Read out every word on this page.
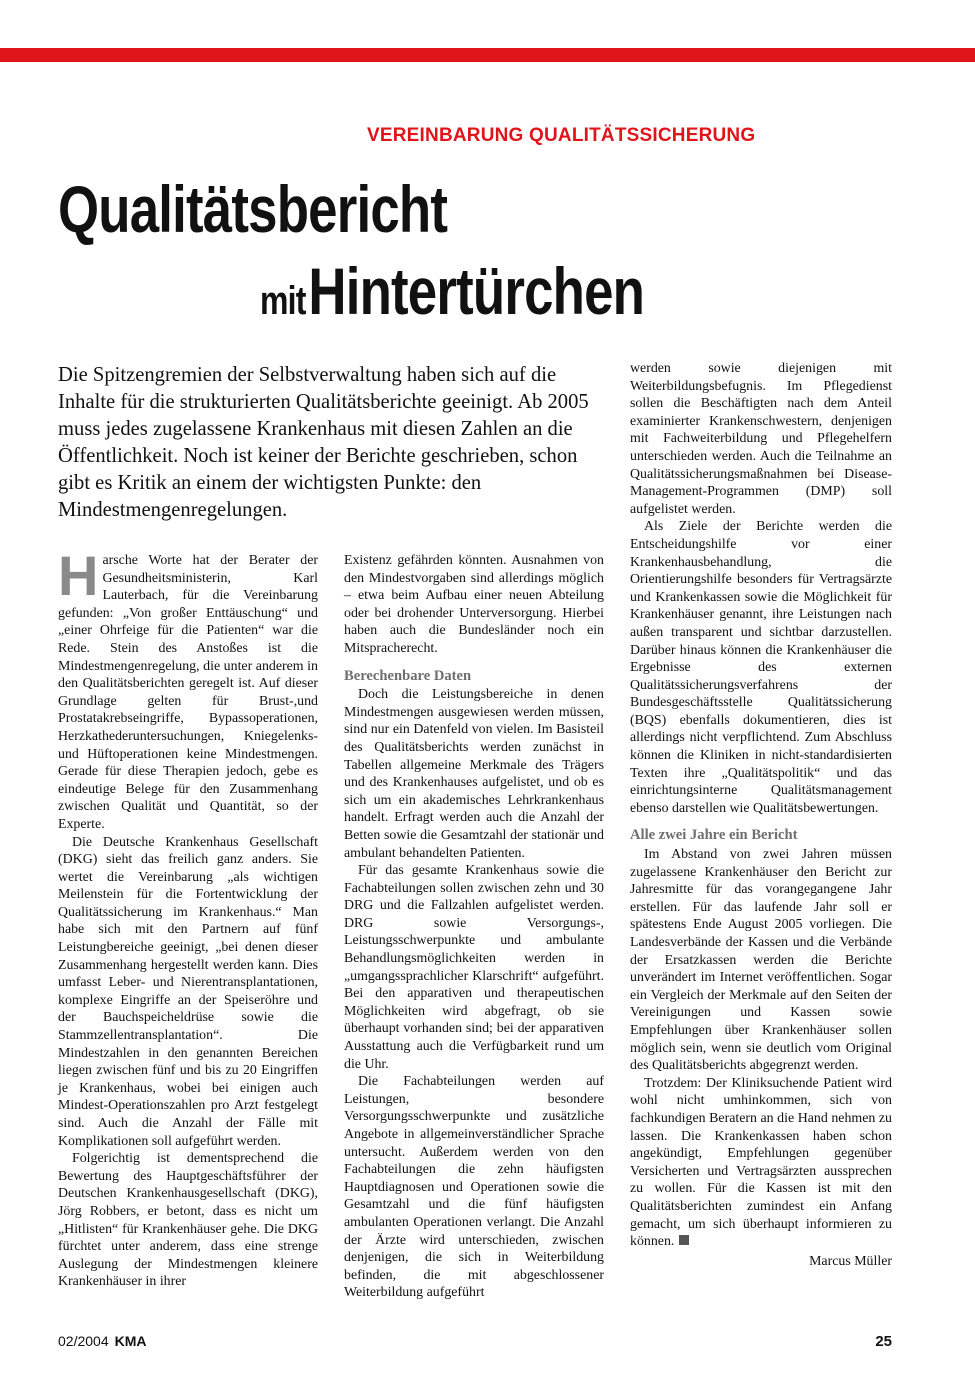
VEREINBARUNG QUALITÄTSSICHERUNG
Qualitätsbericht
mit Hintertürchen
Die Spitzengremien der Selbstverwaltung haben sich auf die Inhalte für die strukturierten Qualitätsberichte geeinigt. Ab 2005 muss jedes zugelassene Krankenhaus mit diesen Zahlen an die Öffentlichkeit. Noch ist keiner der Berichte geschrieben, schon gibt es Kritik an einem der wichtigsten Punkte: den Mindestmengenregelungen.

Harsche Worte hat der Berater der Gesundheitsministerin, Karl Lauterbach, für die Vereinbarung gefunden: „Von großer Enttäuschung“ und „einer Ohrfeige für die Patienten“ war die Rede. Stein des Anstoßes ist die Mindestmengenregelung, die unter anderem in den Qualitätsberichten geregelt ist. Auf dieser Grundlage gelten für Brust-,und Prostatakrebseingriffe, Bypassoperationen, Herzkathederuntersuchungen, Kniegelenks- und Hüftoperationen keine Mindestmengen. Gerade für diese Therapien jedoch, gebe es eindeutige Belege für den Zusammenhang zwischen Qualität und Quantität, so der Experte.

Die Deutsche Krankenhaus Gesellschaft (DKG) sieht das freilich ganz anders. Sie wertet die Vereinbarung „als wichtigen Meilenstein für die Fortentwicklung der Qualitätssicherung im Krankenhaus.“ Man habe sich mit den Partnern auf fünf Leistungbereiche geeinigt, „bei denen dieser Zusammenhang hergestellt werden kann. Dies umfasst Leber- und Nierentransplantationen, komplexe Eingriffe an der Speiseröhre und der Bauchspeicheldrüse sowie die Stammzellentransplantation“. Die Mindestzahlen in den genannten Bereichen liegen zwischen fünf und bis zu 20 Eingriffen je Krankenhaus, wobei bei einigen auch Mindest-Operationszahlen pro Arzt festgelegt sind. Auch die Anzahl der Fälle mit Komplikationen soll aufgeführt werden.

Folgerichtig ist dementsprechend die Bewertung des Hauptgeschäftsführer der Deutschen Krankenhausgesellschaft (DKG), Jörg Robbers, er betont, dass es nicht um „Hitlisten“ für Krankenhäuser gehe. Die DKG fürchtet unter anderem, dass eine strenge Auslegung der Mindestmengen kleinere Krankenhäuser in ihrer

Existenz gefährden könnten. Ausnahmen von den Mindestvorgaben sind allerdings möglich – etwa beim Aufbau einer neuen Abteilung oder bei drohender Unterversorgung. Hierbei haben auch die Bundesländer noch ein Mitspracherecht.

Berechenbare Daten

Doch die Leistungsbereiche in denen Mindestmengen ausgewiesen werden müssen, sind nur ein Datenfeld von vielen. Im Basisteil des Qualitätsberichts werden zunächst in Tabellen allgemeine Merkmale des Trägers und des Krankenhauses aufgelistet, und ob es sich um ein akademisches Lehrkrankenhaus handelt. Erfragt werden auch die Anzahl der Betten sowie die Gesamtzahl der stationär und ambulant behandelten Patienten.

Für das gesamte Krankenhaus sowie die Fachabteilungen sollen zwischen zehn und 30 DRG und die Fallzahlen aufgelistet werden. DRG sowie Versorgungs-, Leistungsschwerpunkte und ambulante Behandlungsmöglichkeiten werden in „umgangssprachlicher Klarschrift“ aufgeführt. Bei den apparativen und therapeutischen Möglichkeiten wird abgefragt, ob sie überhaupt vorhanden sind; bei der apparativen Ausstattung auch die Verfügbarkeit rund um die Uhr.

Die Fachabteilungen werden auf Leistungen, besondere Versorgungsschwerpunkte und zusätzliche Angebote in allgemeinverständlicher Sprache untersucht. Außerdem werden von den Fachabteilungen die zehn häufigsten Hauptdiagnosen und Operationen sowie die Gesamtzahl und die fünf häufigsten ambulanten Operationen verlangt. Die Anzahl der Ärzte wird unterschieden, zwischen denjenigen, die sich in Weiterbildung befinden, die mit abgeschlossener Weiterbildung aufgeführt

werden sowie diejenigen mit Weiterbildungsbefugnis. Im Pflegedienst sollen die Beschäftigten nach dem Anteil examinierter Krankenschwestern, denjenigen mit Fachweiterbildung und Pflegehelfern unterschieden werden. Auch die Teilnahme an Qualitätssicherungsmaßnahmen bei Disease-Management-Programmen (DMP) soll aufgelistet werden.

Als Ziele der Berichte werden die Entscheidungshilfe vor einer Krankenhausbehandlung, die Orientierungshilfe besonders für Vertragsärzte und Krankenkassen sowie die Möglichkeit für Krankenhäuser genannt, ihre Leistungen nach außen transparent und sichtbar darzustellen. Darüber hinaus können die Krankenhäuser die Ergebnisse des externen Qualitätssicherungsverfahrens der Bundesgeschäftsstelle Qualitätssicherung (BQS) ebenfalls dokumentieren, dies ist allerdings nicht verpflichtend. Zum Abschluss können die Kliniken in nicht-standardisierten Texten ihre „Qualitätspolitik“ und das einrichtungsinterne Qualitätsmanagement ebenso darstellen wie Qualitätsbewertungen.

Alle zwei Jahre ein Bericht

Im Abstand von zwei Jahren müssen zugelassene Krankenhäuser den Bericht zur Jahresmitte für das vorangegangene Jahr erstellen. Für das laufende Jahr soll er spätestens Ende August 2005 vorliegen. Die Landesverbände der Kassen und die Verbände der Ersatzkassen werden die Berichte unverändert im Internet veröffentlichen. Sogar ein Vergleich der Merkmale auf den Seiten der Vereinigungen und Kassen sowie Empfehlungen über Krankenhäuser sollen möglich sein, wenn sie deutlich vom Original des Qualitätsberichts abgegrenzt werden.

Trotzdem: Der Kliniksuchende Patient wird wohl nicht umhinkommen, sich von fachkundigen Beratern an die Hand nehmen zu lassen. Die Krankenkassen haben schon angekündigt, Empfehlungen gegenüber Versicherten und Vertragsärzten aussprechen zu wollen. Für die Kassen ist mit den Qualitätsberichten zumindest ein Anfang gemacht, um sich überhaupt informieren zu können.

Marcus Müller
02/2004 KMA	25
